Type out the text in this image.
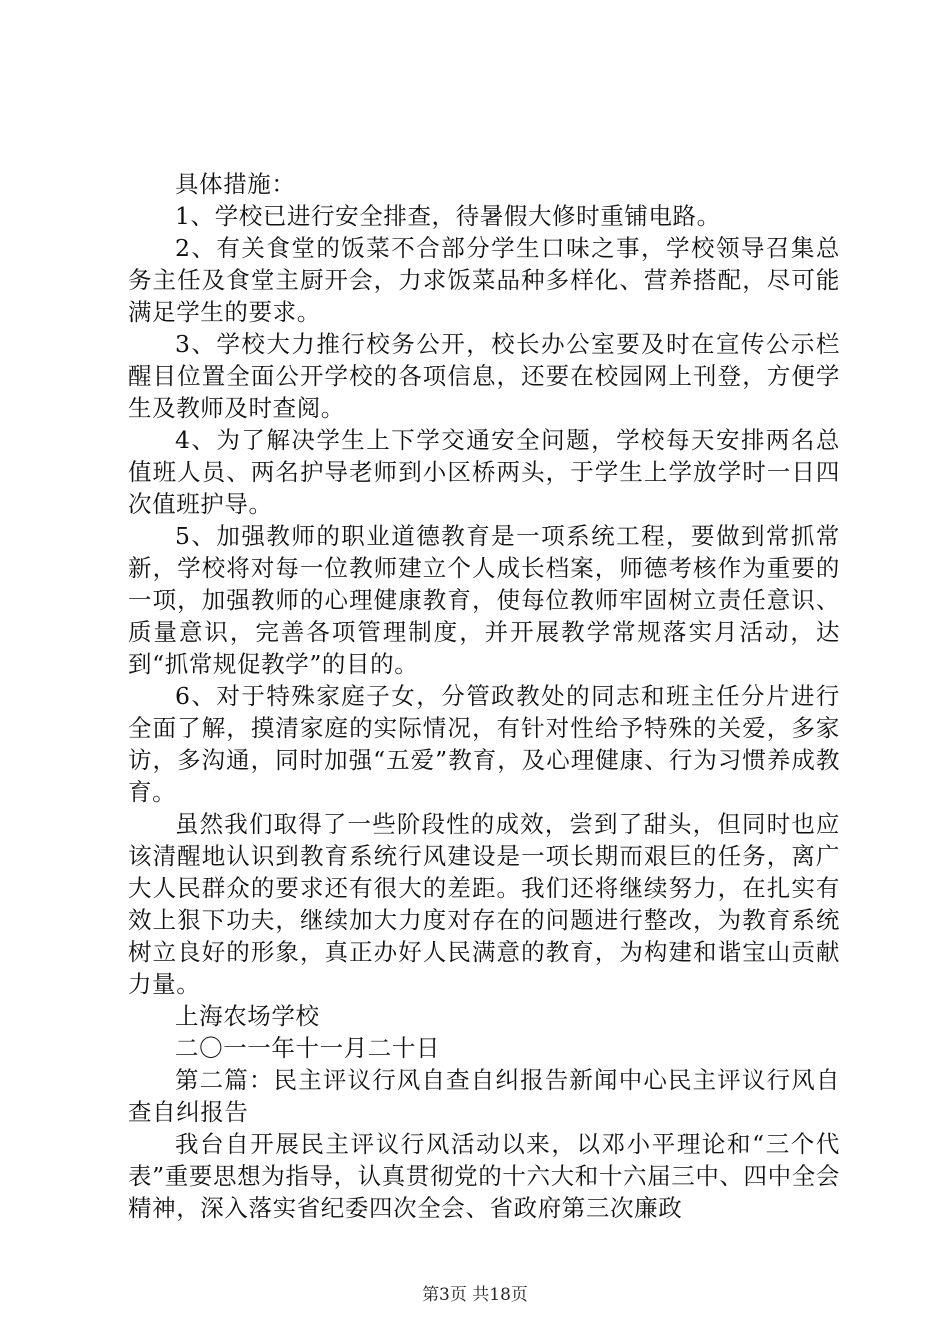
具体措施：

1、学校已进行安全排查，待暑假大修时重铺电路。

2、有关食堂的饭菜不合部分学生口味之事，学校领导召集总务主任及食堂主厨开会，力求饭菜品种多样化、营养搭配，尽可能满足学生的要求。

3、学校大力推行校务公开，校长办公室要及时在宣传公示栏醒目位置全面公开学校的各项信息，还要在校园网上刊登，方便学生及教师及时查阅。

4、为了解决学生上下学交通安全问题，学校每天安排两名总值班人员、两名护导老师到小区桥两头，于学生上学放学时一日四次值班护导。

5、加强教师的职业道德教育是一项系统工程，要做到常抓常新，学校将对每一位教师建立个人成长档案，师德考核作为重要的一项，加强教师的心理健康教育，使每位教师牢固树立责任意识、质量意识，完善各项管理制度，并开展教学常规落实月活动，达到“抓常规促教学”的目的。

6、对于特殊家庭子女，分管政教处的同志和班主任分片进行全面了解，摸清家庭的实际情况，有针对性给予特殊的关爱，多家访，多沟通，同时加强“五爱”教育，及心理健康、行为习惯养成教育。

虽然我们取得了一些阶段性的成效，尝到了甜头，但同时也应该清醒地认识到教育系统行风建设是一项长期而艰巨的任务，离广大人民群众的要求还有很大的差距。我们还将继续努力，在扎实有效上狠下功夫，继续加大力度对存在的问题进行整改，为教育系统树立良好的形象，真正办好人民满意的教育，为构建和谐宝山贡献力量。

上海农场学校

二〇一一年十一月二十日

第二篇：民主评议行风自查自纠报告新闻中心民主评议行风自查自纠报告

我台自开展民主评议行风活动以来，以邓小平理论和“三个代表”重要思想为指导，认真贯彻党的十六大和十六届三中、四中全会精神，深入落实省纪委四次全会、省政府第三次廉政

第3页 共18页
